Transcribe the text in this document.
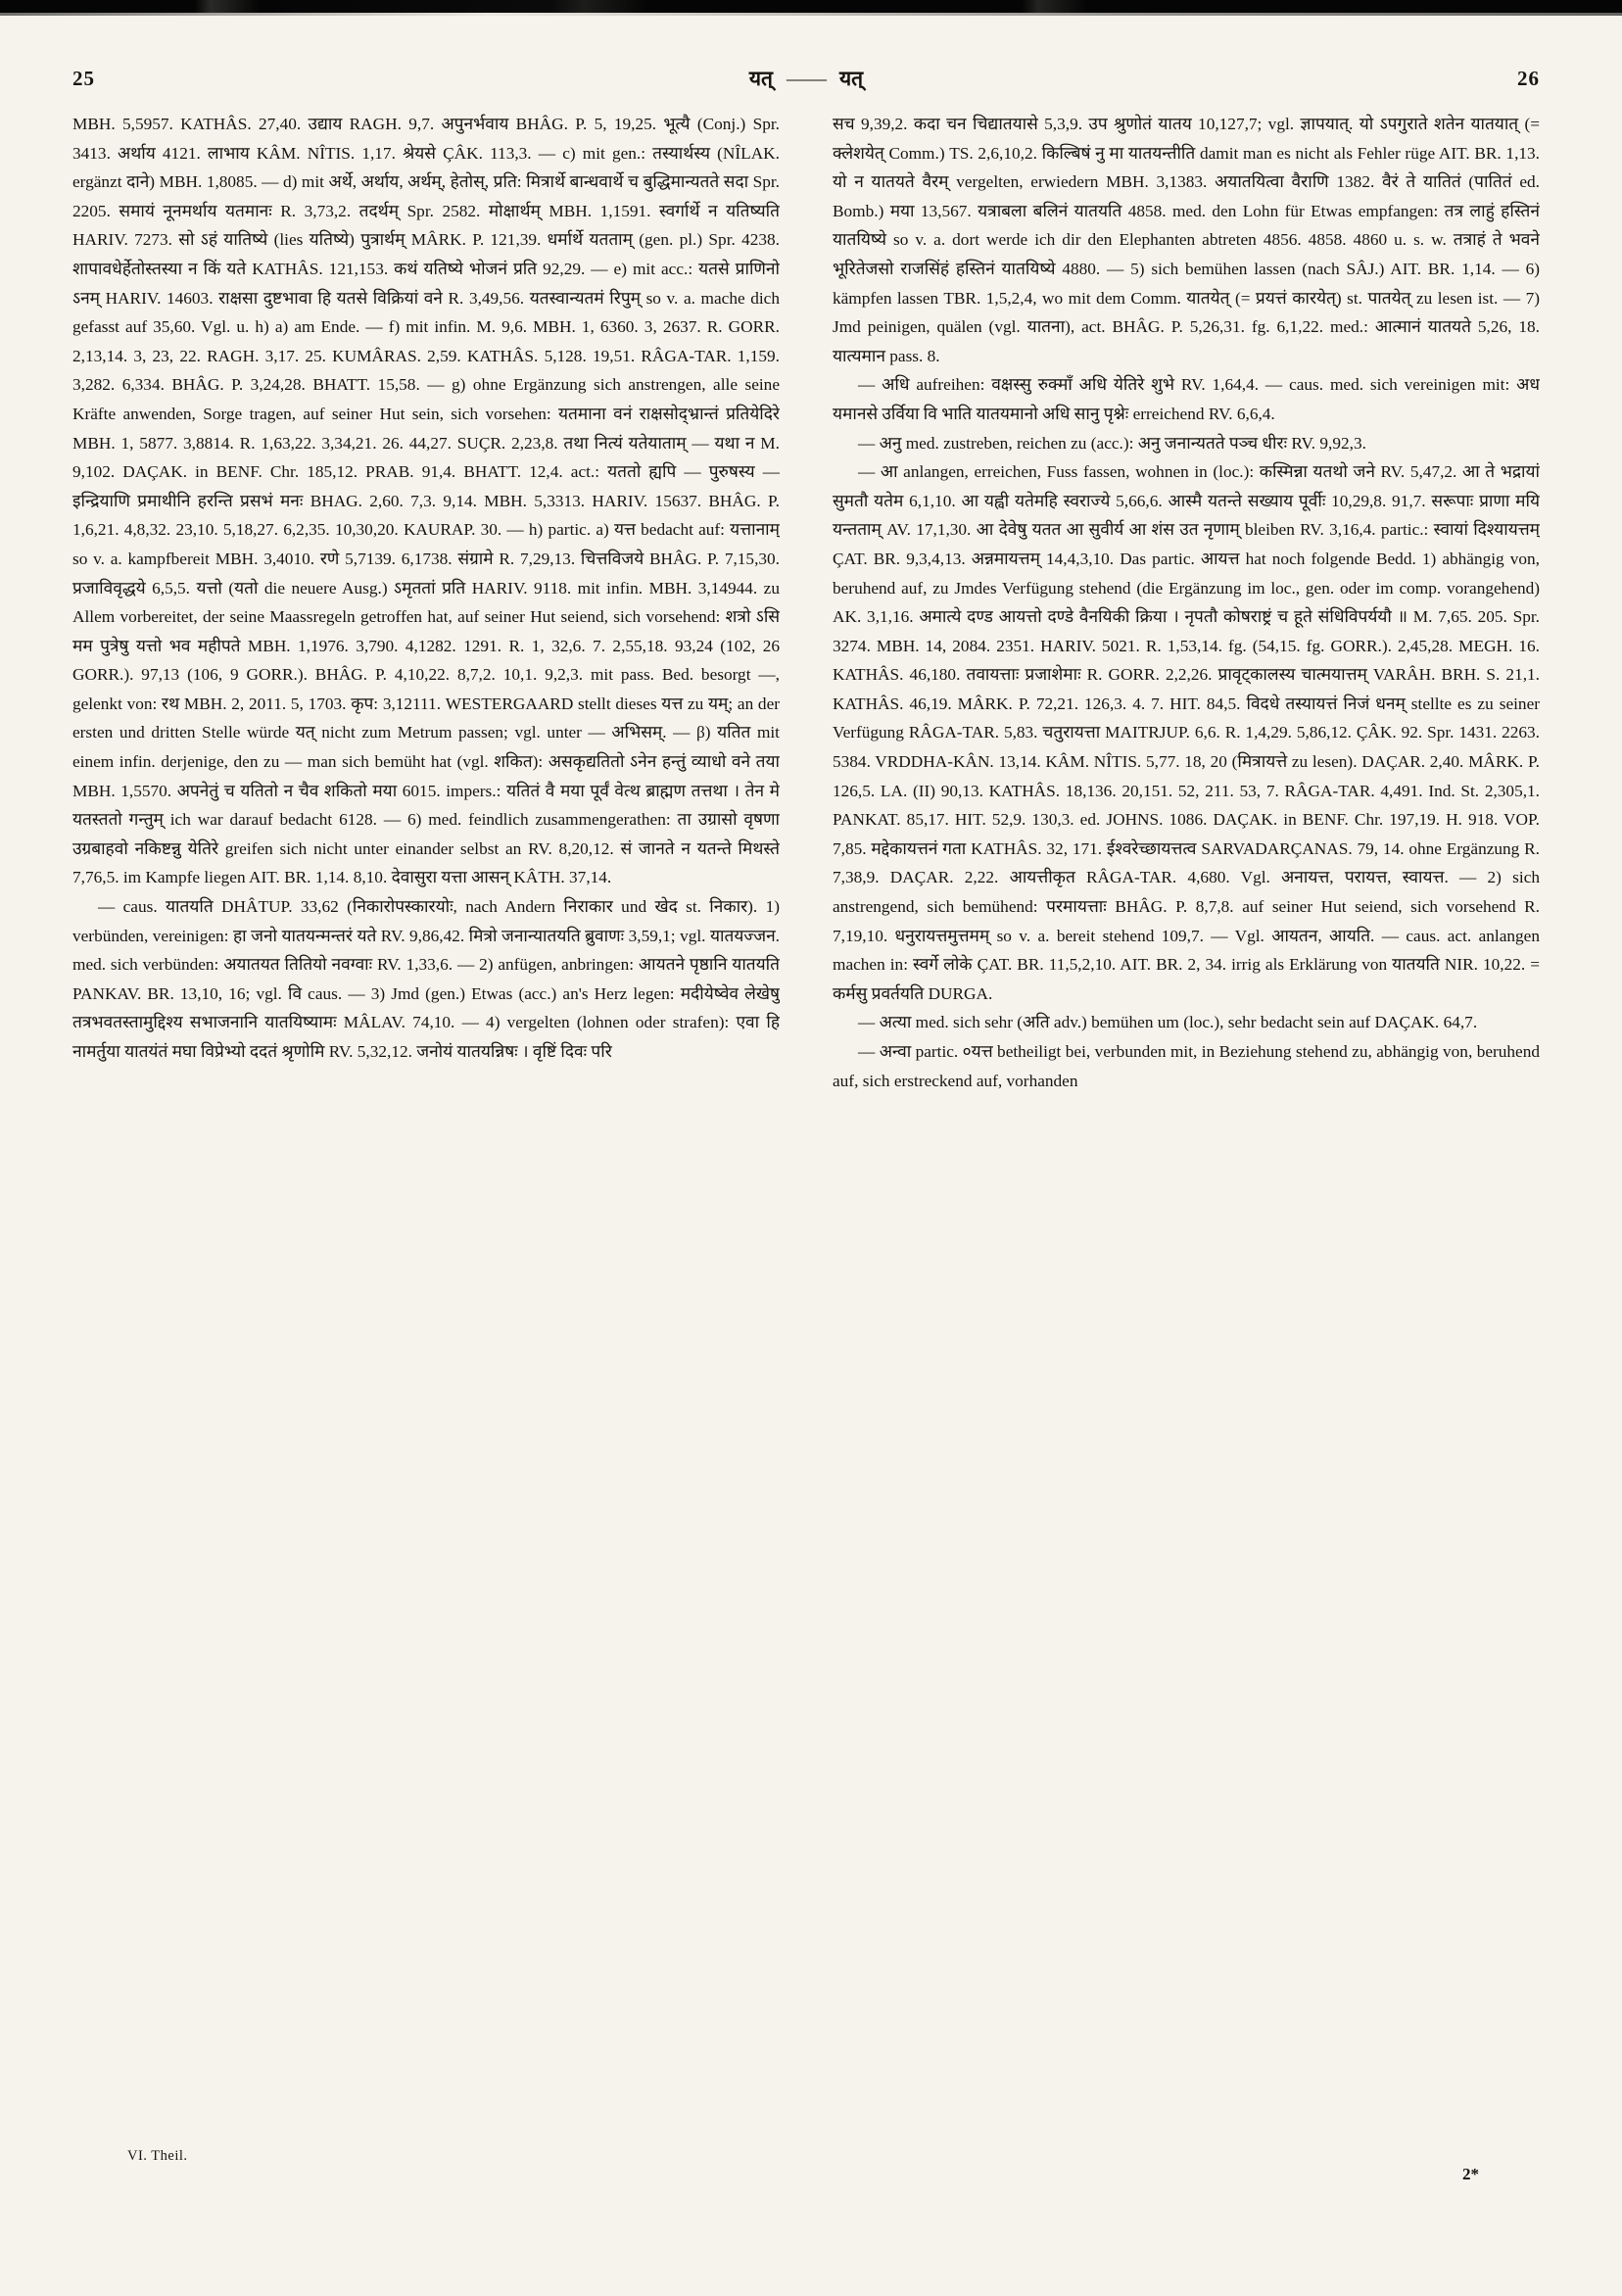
25	यत् —— यत्	26

MBH. 5,5957. KATHÂS. 27,40. उद्याय RAGH. 9,7. अपुनर्भवाय BHÂG. P. 5, 19,25. भूत्यै (Conj.) Spr. 3413. अर्थाय 4121. लाभाय KÂM. NÎTIS. 1,17. श्रेयसे ÇÂK. 113,3. — c) mit gen.: तस्यार्थस्य (NÎLAK. ergänzt दाने) MBH. 1,8085. — d) mit अर्थे, अर्थाय, अर्थम्, हेतोस्, प्रति: मित्रार्थे बान्धवार्थे च बुद्धिमान्यतते सदा Spr. 2205. समायं नूनमर्थाय यतमानः R. 3,73,2. तदर्थम् Spr. 2582. मोक्षार्थम् MBH. 1,1591. स्वर्गार्थे न यतिष्यति HARIV. 7273. सो ऽहं यातिष्ये (lies यतिष्ये) पुत्रार्थम् MÂRK. P. 121,39. धर्मार्थे यतताम् (gen. pl.) Spr. 4238. शापावधेर्हेतोस्तस्या न किं यते KATHÂS. 121,153. कथं यतिष्ये भोजनं प्रति 92,29. — e) mit acc.: यतसे प्राणिनो ऽनम् HARIV. 14603. राक्षसा दुष्टभावा हि यतसे विक्रियां वने R. 3,49,56. यतस्वान्यतमं रिपुम् so v. a. mache dich gefasst auf 35,60. Vgl. u. h) a) am Ende. — f) mit infin. M. 9,6. MBH. 1, 6360. 3, 2637. R. GORR. 2,13,14. 3, 23, 22. RAGH. 3,17. 25. KUMÂRAS. 2,59. KATHÂS. 5,128. 19,51. RÂGA-TAR. 1,159. 3,282. 6,334. BHÂG. P. 3,24,28. BHATT. 15,58. — g) ohne Ergänzung sich anstrengen, alle seine Kräfte anwenden, Sorge tragen, auf seiner Hut sein, sich vorsehen: यतमाना वनं राक्षसोद्भ्रान्तं प्रतियेदिरे MBH. 1, 5877. 3,8814. R. 1,63,22. 3,34,21. 26. 44,27. SUÇR. 2,23,8. तथा नित्यं यतेयाताम् — यथा न M. 9,102. DAÇAK. in BENF. Chr. 185,12. PRAB. 91,4. BHATT. 12,4. act.: यततो ह्यपि — पुरुषस्य — इन्द्रियाणि प्रमाथीनि हरन्ति प्रसभं मनः BHAG. 2,60. 7,3. 9,14. MBH. 5,3313. HARIV. 15637. BHÂG. P. 1,6,21. 4,8,32. 23,10. 5,18,27. 6,2,35. 10,30,20. KAURAP. 30. — h) partic. a) यत्त bedacht auf: यत्तानाम् so v. a. kampfbereit MBH. 3,4010. रणे 5,7139. 6,1738. संग्रामे R. 7,29,13. चित्तविजये BHÂG. P. 7,15,30. प्रजाविवृद्धये 6,5,5. यत्तो (यतो die neuere Ausg.) ऽमृततां प्रति HARIV. 9118. mit infin. MBH. 3,14944. zu Allem vorbereitet, der seine Maassregeln getroffen hat, auf seiner Hut seiend, sich vorsehend: शत्रो ऽसि मम पुत्रेषु यत्तो भव महीपते MBH. 1,1976. 3,790. 4,1282. 1291. R. 1, 32,6. 7. 2,55,18. 93,24 (102, 26 GORR.). 97,13 (106, 9 GORR.). BHÂG. P. 4,10,22. 8,7,2. 10,1. 9,2,3. mit pass. Bed. besorgt —, gelenkt von: रथ MBH. 2, 2011. 5, 1703. कृप: 3,12111. WESTERGAARD stellt dieses यत्त zu यम्; an der ersten und dritten Stelle würde यत् nicht zum Metrum passen; vgl. unter — अभिसम्. — β) यतित mit einem infin. derjenige, den zu — man sich bemüht hat (vgl. शकित): असकृद्यतितो ऽनेन हन्तुं व्याधो वने तया MBH. 1,5570. अपनेतुं च यतितो न चैव शकितो मया 6015. impers.: यतितं वै मया पूर्वं वेत्थ ब्राह्मण तत्तथा । तेन मे यतस्ततो गन्तुम् ich war darauf bedacht 6128. — 6) med. feindlich zusammengerathen: ता उग्रासो वृषणा उग्रबाहवो नकिष्टन्नु येतिरे greifen sich nicht unter einander selbst an RV. 8,20,12. सं जानते न यतन्ते मिथस्ते 7,76,5. im Kampfe liegen AIT. BR. 1,14. 8,10. देवासुरा यत्ता आसन् KÂTH. 37,14.

— caus. यातयति DHÂTUP. 33,62 (निकारोपस्कारयोः, nach Andern निराकार und खेद st. निकार). 1) verbünden, vereinigen: हा जनो यातयन्मन्तरं यते RV. 9,86,42. मित्रो जनान्यातयति ब्रुवाणः 3,59,1; vgl. यातयज्जन. med. sich verbünden: अयातयत तितियो नवग्वाः RV. 1,33,6. — 2) anfügen, anbringen: आयतने पृष्ठानि यातयति PANKAV. BR. 13,10, 16; vgl. वि caus. — 3) Jmd (gen.) Etwas (acc.) an's Herz legen: मदीयेष्वेव लेखेषु तत्रभवतस्तामुद्दिश्य सभाजनानि यातयिष्यामः MÂLAV. 74,10. — 4) vergelten (lohnen oder strafen): एवा हि नामर्तुया यातयंतं मघा विप्रेभ्यो ददतं श्रृणोमि RV. 5,32,12. जनोयं यातयन्निषः । वृष्टिं दिवः परि

सच 9,39,2. कदा चन चिद्यातयासे 5,3,9. उप श्रुणोतं यातय 10,127,7; vgl. ज्ञापयात्. यो ऽपगुराते शतेन यातयात् (= क्लेशयेत् Comm.) TS. 2,6,10,2. किल्बिषं नु मा यातयन्तीति damit man es nicht als Fehler rüge AIT. BR. 1,13. यो न यातयते वैरम् vergelten, erwiedern MBH. 3,1383. अयातयित्वा वैराणि 1382. वैरं ते यातितं (पातितं ed. Bomb.) मया 13,567. यत्राबला बलिनं यातयति 4858. med. den Lohn für Etwas empfangen: तत्र लाहुं हस्तिनं यातयिष्ये so v. a. dort werde ich dir den Elephanten abtreten 4856. 4858. 4860 u. s. w. तत्राहं ते भवने भूरितेजसो राजसिंहं हस्तिनं यातयिष्ये 4880. — 5) sich bemühen lassen (nach SÂJ.) AIT. BR. 1,14. — 6) kämpfen lassen TBR. 1,5,2,4, wo mit dem Comm. यातयेत् (= प्रयत्तं कारयेत्) st. पातयेत् zu lesen ist. — 7) Jmd peinigen, quälen (vgl. यातना), act. BHÂG. P. 5,26,31. fg. 6,1,22. med.: आत्मानं यातयते 5,26, 18. यात्यमान pass. 8.

— अधि aufreihen: वक्षस्सु रुक्माँ अधि येतिरे शुभे RV. 1,64,4. — caus. med. sich vereinigen mit: अध यमानसे उर्विया वि भाति यातयमानो अधि सानु पृश्नेः erreichend RV. 6,6,4.

— अनु med. zustreben, reichen zu (acc.): अनु जनान्यतते पञ्च धीरः RV. 9,92,3.

— आ anlangen, erreichen, Fuss fassen, wohnen in (loc.): कस्मिन्ना यतथो जने RV. 5,47,2. आ ते भद्रायां सुमतौ यतेम 6,1,10. आ यह्वी यतेमहि स्वराज्ये 5,66,6. आस्मै यतन्ते सख्याय पूर्वीः 10,29,8. 91,7. सरूपाः प्राणा मयि यन्तताम् AV. 17,1,30. आ देवेषु यतत आ सुवीर्य आ शंस उत नृणाम् bleiben RV. 3,16,4. partic.: स्वायां दिश्यायत्तम् ÇAT. BR. 9,3,4,13. अन्नमायत्तम् 14,4,3,10. Das partic. आयत्त hat noch folgende Bedd. 1) abhängig von, beruhend auf, zu Jmdes Verfügung stehend (die Ergänzung im loc., gen. oder im comp. vorangehend) AK. 3,1,16. अमात्ये दण्ड आयत्तो दण्डे वैनयिकी क्रिया । नृपतौ कोषराष्ट्रं च हूते संधिविपर्ययौ ॥ M. 7,65. 205. Spr. 3274. MBH. 14, 2084. 2351. HARIV. 5021. R. 1,53,14. fg. (54,15. fg. GORR.). 2,45,28. MEGH. 16. KATHÂS. 46,180. तवायत्ताः प्रजाशेमाः R. GORR. 2,2,26. प्रावृट्कालस्य चात्मयात्तम् VARÂH. BRH. S. 21,1. KATHÂS. 46,19. MÂRK. P. 72,21. 126,3. 4. 7. HIT. 84,5. विदधे तस्यायत्तं निजं धनम् stellte es zu seiner Verfügung RÂGA-TAR. 5,83. चतुरायत्ता MAITRJUP. 6,6. R. 1,4,29. 5,86,12. ÇÂK. 92. Spr. 1431. 2263. 5384. VRDDHA-KÂN. 13,14. KÂM. NÎTIS. 5,77. 18, 20 (मित्रायत्ते zu lesen). DAÇAR. 2,40. MÂRK. P. 126,5. LA. (II) 90,13. KATHÂS. 18,136. 20,151. 52, 211. 53, 7. RÂGA-TAR. 4,491. Ind. St. 2,305,1. PANKAT. 85,17. HIT. 52,9. 130,3. ed. JOHNS. 1086. DAÇAK. in BENF. Chr. 197,19. H. 918. VOP. 7,85. मद्देकायत्तनं गता KATHÂS. 32, 171. ईश्वरेच्छायत्तत्व SARVADARÇANAS. 79, 14. ohne Ergänzung R. 7,38,9. DAÇAR. 2,22. आयत्तीकृत RÂGA-TAR. 4,680. Vgl. अनायत्त, परायत्त, स्वायत्त. — 2) sich anstrengend, sich bemühend: परमायत्ताः BHÂG. P. 8,7,8. auf seiner Hut seiend, sich vorsehend R. 7,19,10. धनुरायत्तमुत्तमम् so v. a. bereit stehend 109,7. — Vgl. आयतन, आयति. — caus. act. anlangen machen in: स्वर्गे लोके ÇAT. BR. 11,5,2,10. AIT. BR. 2, 34. irrig als Erklärung von यातयति NIR. 10,22. = कर्मसु प्रवर्तयति DURGA.

— अत्या med. sich sehr (अति adv.) bemühen um (loc.), sehr bedacht sein auf DAÇAK. 64,7.

— अन्वा partic. ०यत्त betheiligt bei, verbunden mit, in Beziehung stehend zu, abhängig von, beruhend auf, sich erstreckend auf, vorhanden

VI. Theil.
2*
